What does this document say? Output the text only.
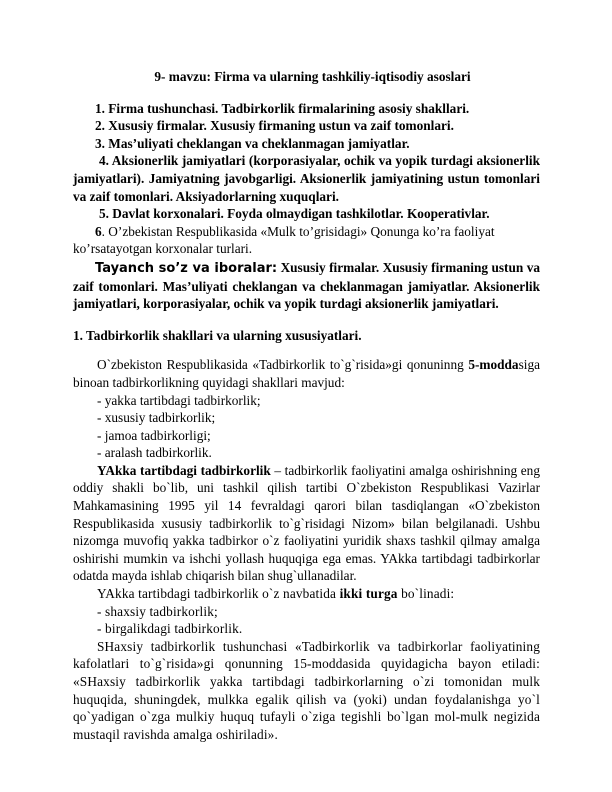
9- mavzu: Firma va ularning tashkiliy-iqtisodiy asoslari

1. Firma tushunchasi. Tadbirkorlik firmalarining asosiy shakllari.

2. Xususiy firmalar. Xususiy firmaning ustun va zaif tomonlari.

3. Mas’uliyati cheklangan va cheklanmagan jamiyatlar.

4. Aksionerlik jamiyatlari (korporasiyalar, ochik va yopik turdagi aksionerlik jamiyatlari). Jamiyatning javobgarligi. Aksionerlik jamiyatining ustun tomonlari va zaif tomonlari. Aksiyadorlarning xuquqlari.

5. Davlat korxonalari. Foyda olmaydigan tashkilotlar. Kooperativlar.

6. O’zbekistan Respublikasida «Mulk to’grisidagi» Qonunga ko’ra faoliyat ko’rsatayotgan korxonalar turlari.

Tayanch so’z va iboralar: Xususiy firmalar. Xususiy firmaning ustun va zaif tomonlari. Mas’uliyati cheklangan va cheklanmagan jamiyatlar. Aksionerlik jamiyatlari, korporasiyalar, ochik va yopik turdagi aksionerlik jamiyatlari.

1. Tadbirkorlik shakllari va ularning xususiyatlari.

O`zbekiston Respublikasida «Tadbirkorlik to`g`risida»gi qonuninng 5-moddasiga binoan tadbirkorlikning quyidagi shakllari mavjud:

- yakka tartibdagi tadbirkorlik;

- xususiy tadbirkorlik;

- jamoa tadbirkorligi;

- aralash tadbirkorlik.

YAkka tartibdagi tadbirkorlik – tadbirkorlik faoliyatini amalga oshirishning eng oddiy shakli bo`lib, uni tashkil qilish tartibi O`zbekiston Respublikasi Vazirlar Mahkamasining 1995 yil 14 fevraldagi qarori bilan tasdiqlangan «O`zbekiston Respublikasida xususiy tadbirkorlik to`g`risidagi Nizom» bilan belgilanadi. Ushbu nizomga muvofiq yakka tadbirkor o`z faoliyatini yuridik shaxs tashkil qilmay amalga oshirishi mumkin va ishchi yollash huquqiga ega emas. YAkka tartibdagi tadbirkorlar odatda mayda ishlab chiqarish bilan shug`ullanadilar.

YAkka tartibdagi tadbirkorlik o`z navbatida ikki turga bo`linadi:

- shaxsiy tadbirkorlik;

- birgalikdagi tadbirkorlik.

SHaxsiy tadbirkorlik tushunchasi «Tadbirkorlik va tadbirkorlar faoliyatining kafolatlari to`g`risida»gi qonunning 15-moddasida quyidagicha bayon etiladi: «SHaxsiy tadbirkorlik yakka tartibdagi tadbirkorlarning o`zi tomonidan mulk huquqida, shuningdek, mulkka egalik qilish va (yoki) undan foydalanishga yo`l qo`yadigan o`zga mulkiy huquq tufayli o`ziga tegishli bo`lgan mol-mulk negizida mustaqil ravishda amalga oshiriladi».
